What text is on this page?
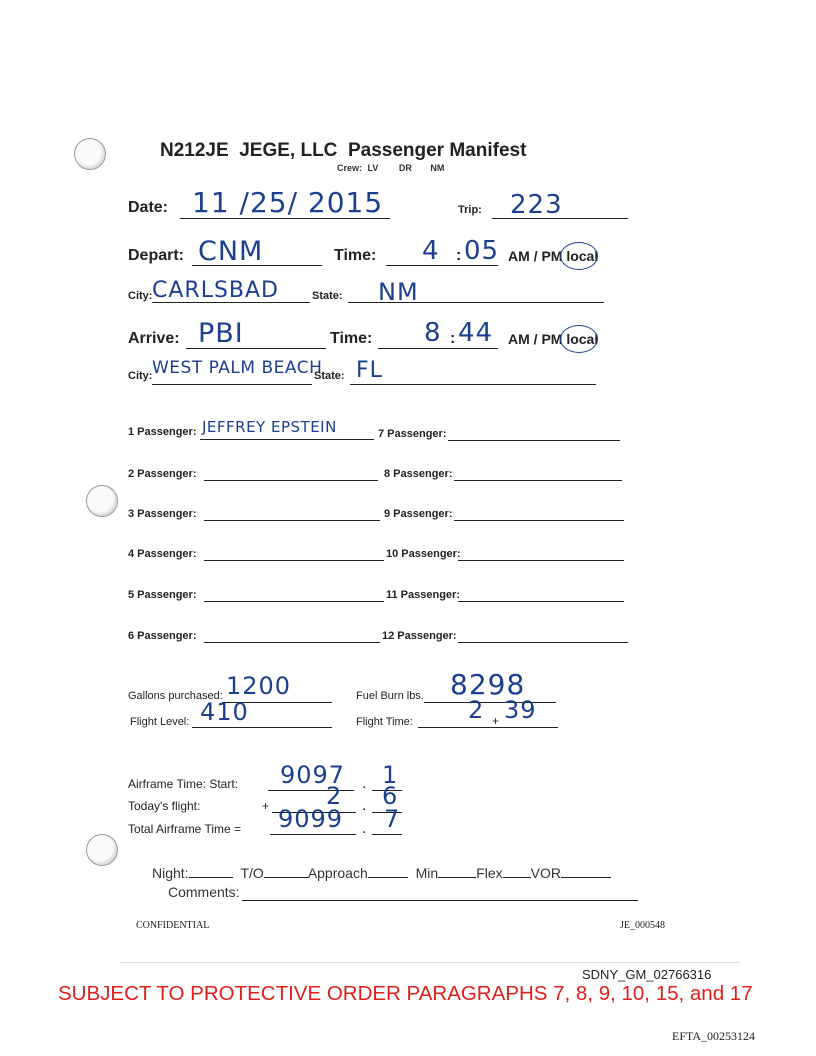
N212JE  JEGE, LLC  Passenger Manifest
Crew: LV DR NM
Date: 11 /25/ 2015	Trip: 223
Depart: CNM	Time: 4 : 05 AM / PM local
City: CARLSBAD	State: NM
Arrive: PBI	Time: 8 : 44 AM / PM local
City: WEST PALM BEACH
State: FL
1 Passenger: JEFFREY EPSTEIN	7 Passenger:
2 Passenger:	8 Passenger:
3 Passenger:	9 Passenger:
4 Passenger:	10 Passenger:
5 Passenger:	11 Passenger:
6 Passenger:	12 Passenger:
Gallons purchased: 1200	Fuel Burn lbs. 8298
Flight Level: 410	Flight Time: 2 + 39
Airframe Time: Start: 9097 . 1
Today's flight:	+ 2 . 6
Total Airframe Time = 9099 . 7
Night:	T/O	Approach	Min	Flex VOR
Comments:
CONFIDENTIAL	JE_000548
SDNY_GM_02766316
SUBJECT TO PROTECTIVE ORDER PARAGRAPHS 7, 8, 9, 10, 15, and 17
EFTA_00253124
